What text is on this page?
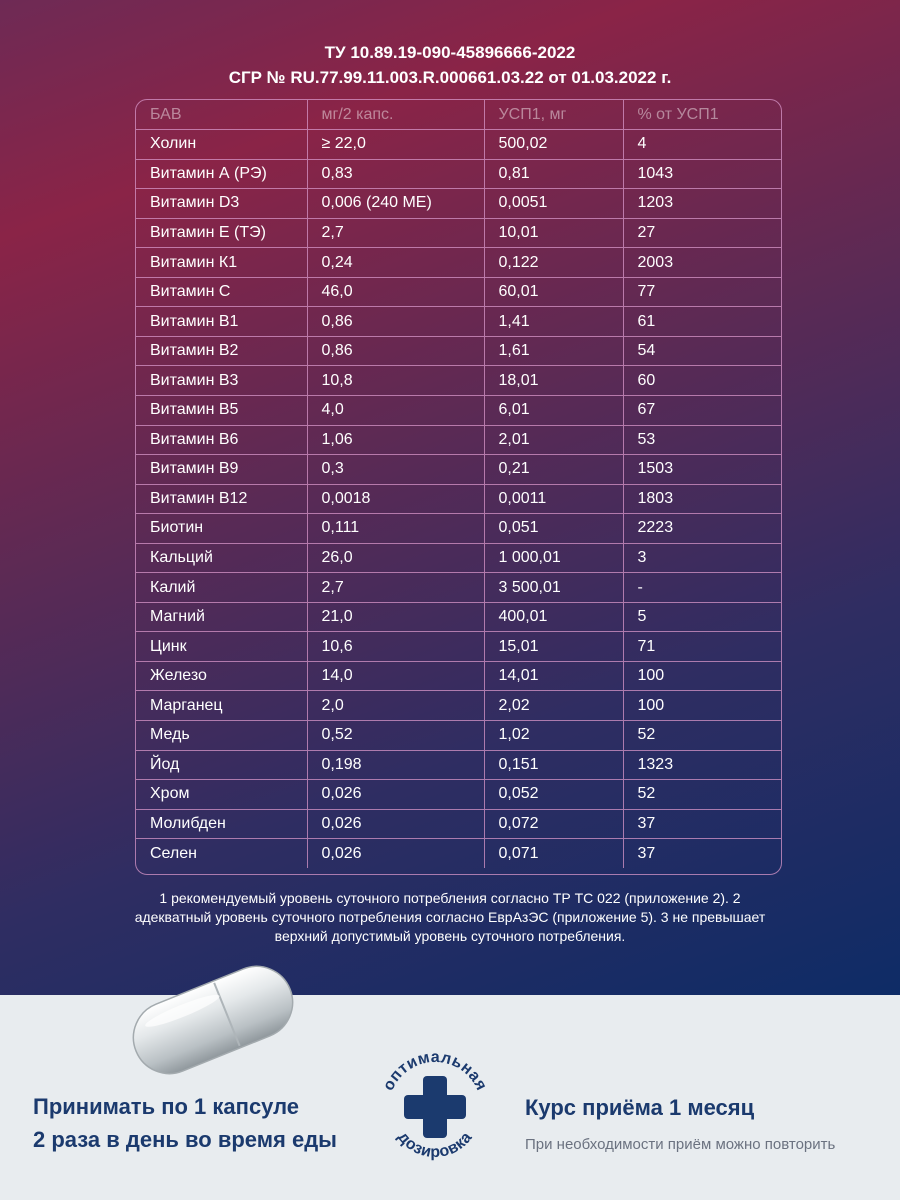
ТУ 10.89.19-090-45896666-2022
СГР № RU.77.99.11.003.R.000661.03.22 от 01.03.2022 г.
БАВ	мг/2 капс.	УСП1, мг	% от УСП1
Холин	≥ 22,0	500,02	4
Витамин А (РЭ)	0,83	0,81	1043
Витамин D3	0,006 (240 МЕ)	0,0051	1203
Витамин Е (ТЭ)	2,7	10,01	27
Витамин К1	0,24	0,122	2003
Витамин С	46,0	60,01	77
Витамин В1	0,86	1,41	61
Витамин В2	0,86	1,61	54
Витамин В3	10,8	18,01	60
Витамин В5	4,0	6,01	67
Витамин В6	1,06	2,01	53
Витамин В9	0,3	0,21	1503
Витамин В12	0,0018	0,0011	1803
Биотин	0,111	0,051	2223
Кальций	26,0	1 000,01	3
Калий	2,7	3 500,01	-
Магний	21,0	400,01	5
Цинк	10,6	15,01	71
Железо	14,0	14,01	100
Марганец	2,0	2,02	100
Медь	0,52	1,02	52
Йод	0,198	0,151	1323
Хром	0,026	0,052	52
Молибден	0,026	0,072	37
Селен	0,026	0,071	37
1 рекомендуемый уровень суточного потребления согласно ТР ТС 022 (приложение 2). 2 адекватный уровень суточного потребления согласно ЕврАзЭС (приложение 5). 3 не превышает верхний допустимый уровень суточного потребления.
Принимать по 1 капсуле
2 раза в день во время еды
оптимальная
дозировка
Курс приёма 1 месяц
При необходимости приём можно повторить
